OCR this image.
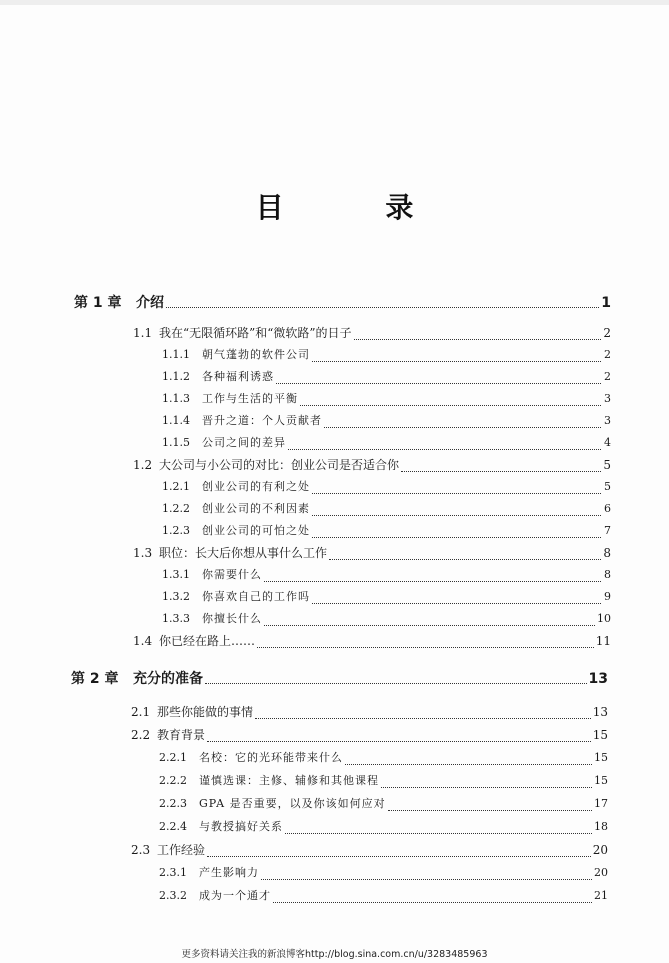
目 录
第 1 章	介绍	1
1.1 我在“无限循环路”和“微软路”的日子	2
1.1.1	朝气蓬勃的软件公司	2
1.1.2	各种福利诱惑	2
1.1.3	工作与生活的平衡	3
1.1.4	晋升之道：个人贡献者	3
1.1.5	公司之间的差异	4
1.2 大公司与小公司的对比：创业公司是否适合你	5
1.2.1	创业公司的有利之处	5
1.2.2	创业公司的不利因素	6
1.2.3	创业公司的可怕之处	7
1.3 职位：长大后你想从事什么工作	8
1.3.1	你需要什么	8
1.3.2	你喜欢自己的工作吗	9
1.3.3	你擅长什么	10
1.4 你已经在路上……	11
第 2 章	充分的准备	13
2.1 那些你能做的事情	13
2.2 教育背景	15
2.2.1	名校：它的光环能带来什么	15
2.2.2	谨慎选课：主修、辅修和其他课程	15
2.2.3	GPA 是否重要，以及你该如何应对	17
2.2.4	与教授搞好关系	18
2.3 工作经验	20
2.3.1	产生影响力	20
2.3.2	成为一个通才	21
更多资料请关注我的新浪博客http://blog.sina.com.cn/u/3283485963
